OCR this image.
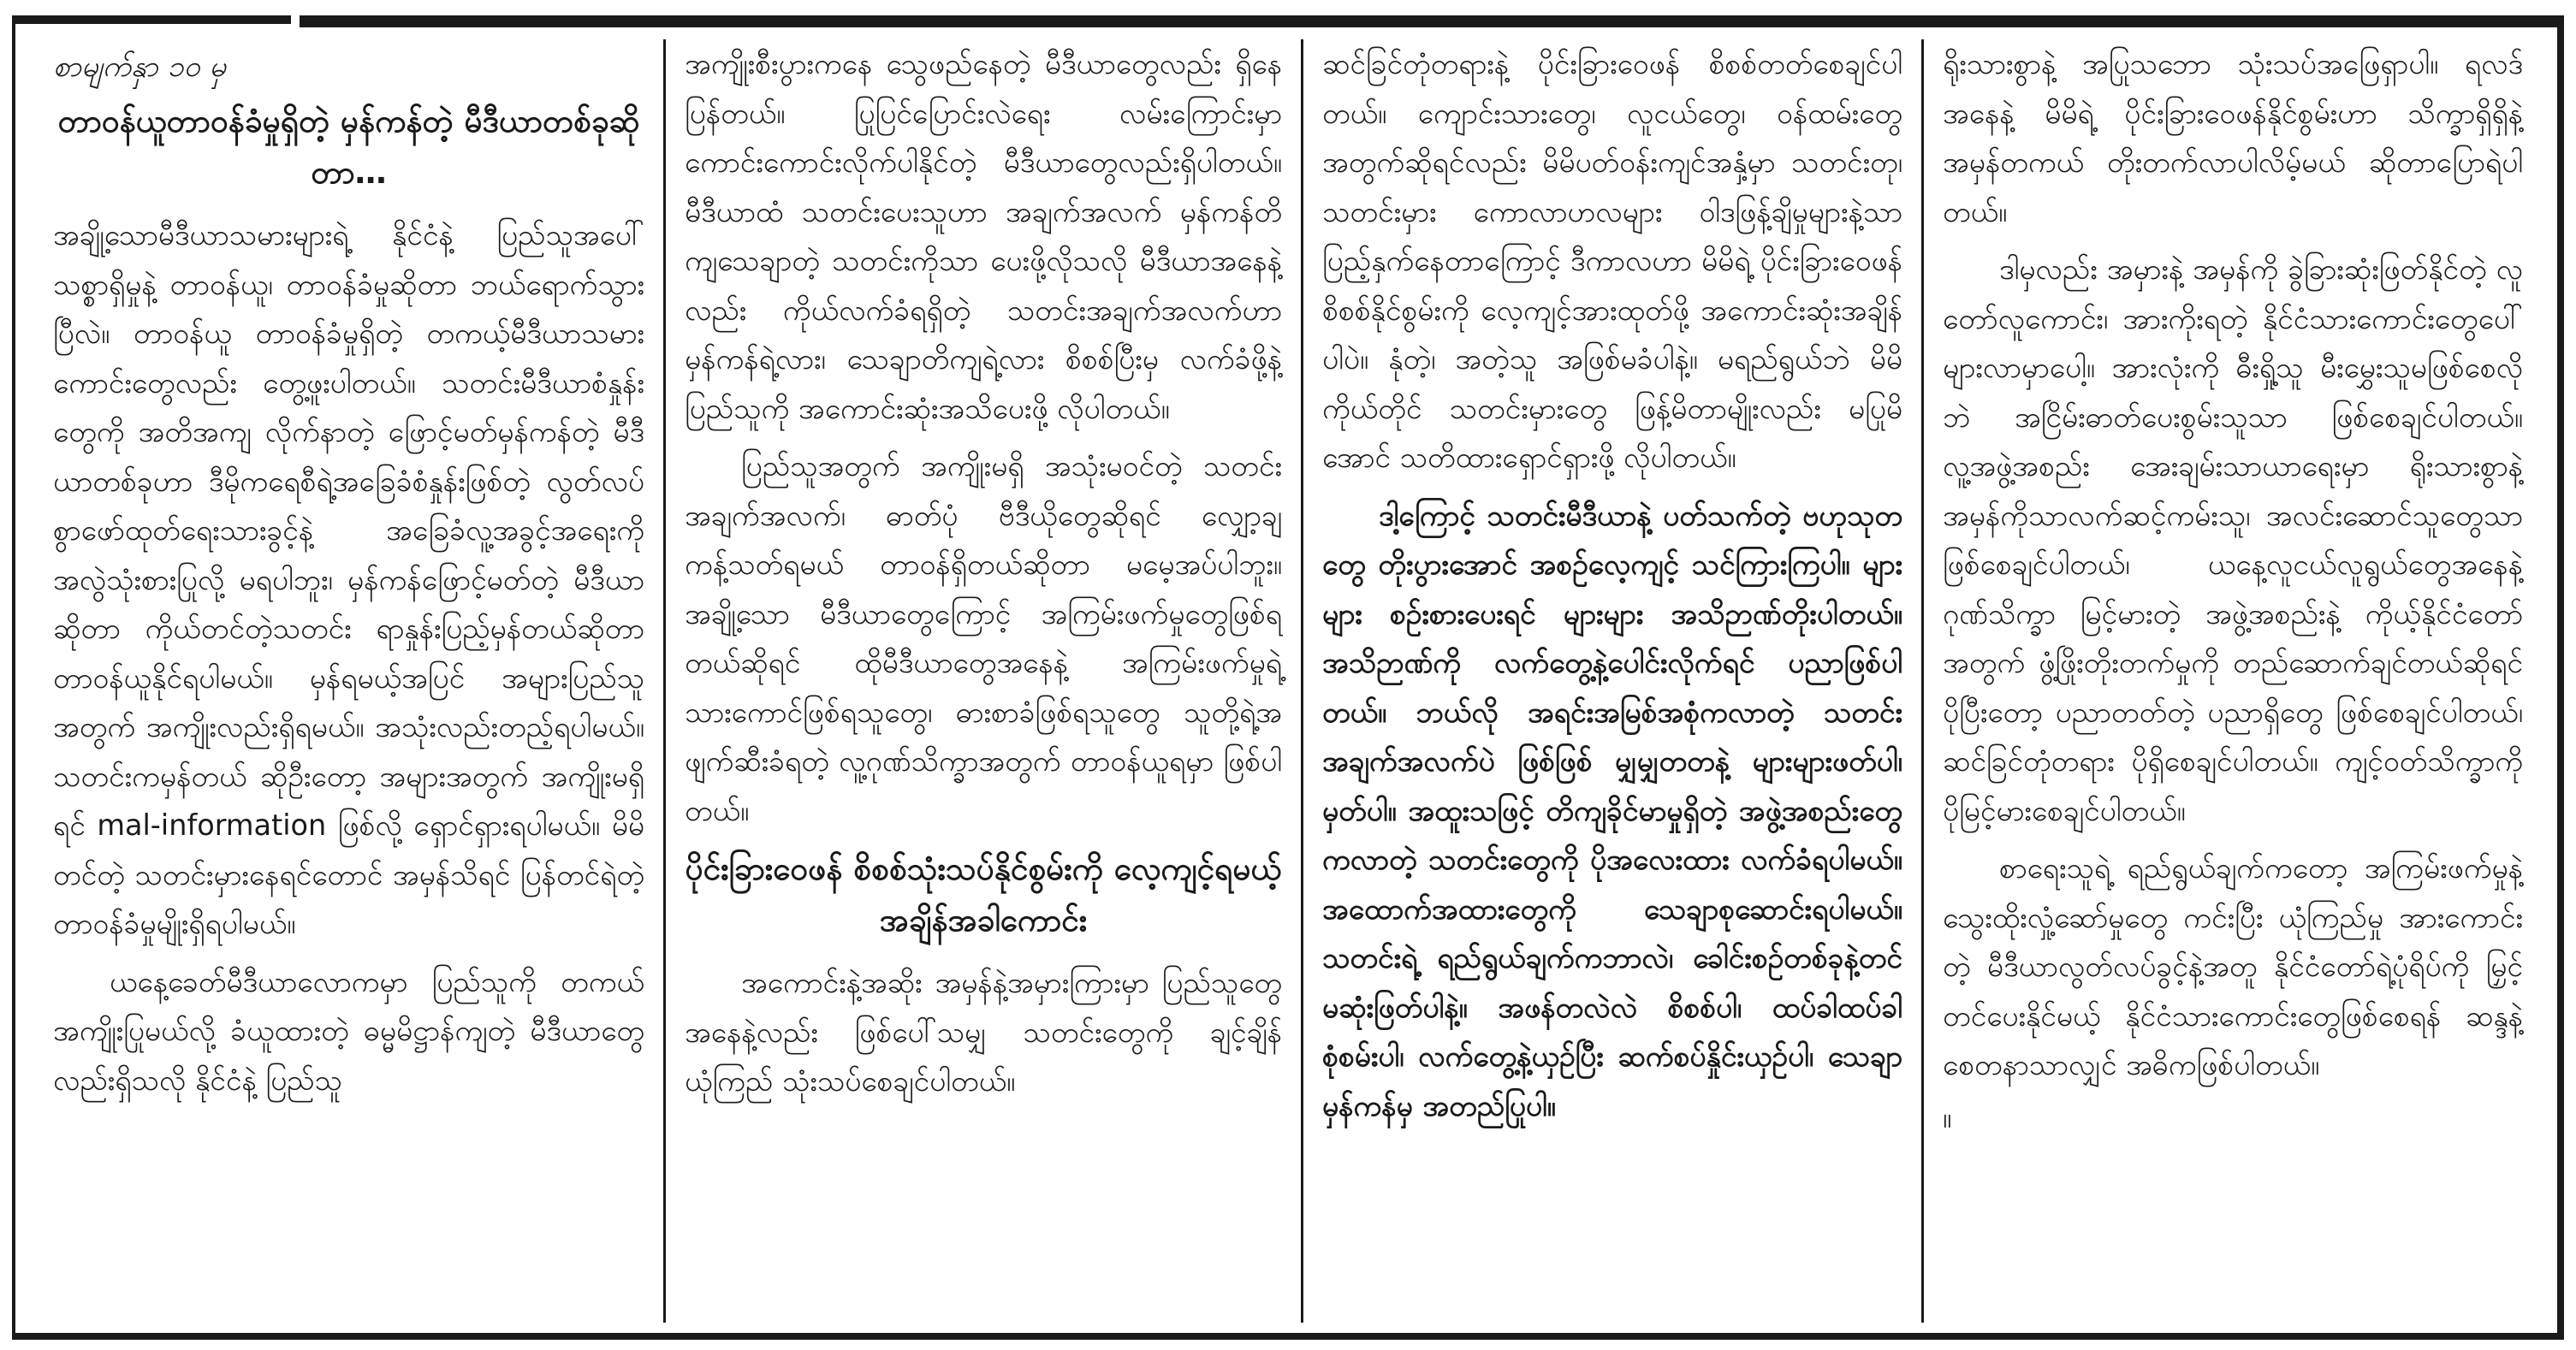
စာမျက်နှာ ၁၀ မှ
တာဝန်ယူတာဝန်ခံမှုရှိတဲ့ မှန်ကန်တဲ့ မီဒီယာတစ်ခုဆိုတာ…

အချို့သောမီဒီယာသမားများရဲ့ နိုင်ငံနဲ့ ပြည်သူအပေါ် သစ္စာရှိမှုနဲ့ တာဝန်ယူ၊ တာဝန်ခံမှုဆိုတာ ဘယ်ရောက်သွားပြီလဲ။ တာဝန်ယူ တာဝန်ခံမှုရှိတဲ့ တကယ့်မီဒီယာသမားကောင်းတွေလည်း တွေ့ဖူးပါတယ်။ သတင်းမီဒီယာစံနှုန်းတွေကို အတိအကျ လိုက်နာတဲ့ ဖြောင့်မတ်မှန်ကန်တဲ့ မီဒီယာတစ်ခုဟာ ဒီမိုကရေစီရဲ့အခြေခံစံနှုန်းဖြစ်တဲ့ လွတ်လပ်စွာဖော်ထုတ်ရေးသားခွင့်နဲ့ အခြေခံလူ့အခွင့်အရေးကို အလွဲသုံးစားပြုလို့ မရပါဘူး၊ မှန်ကန်ဖြောင့်မတ်တဲ့ မီဒီယာဆိုတာ ကိုယ်တင်တဲ့သတင်း ရာနှုန်းပြည့်မှန်တယ်ဆိုတာ တာဝန်ယူနိုင်ရပါမယ်။ မှန်ရမယ့်အပြင် အများပြည်သူအတွက် အကျိုးလည်းရှိရမယ်။ အသုံးလည်းတည့်ရပါမယ်။ သတင်းကမှန်တယ် ဆိုဦးတော့ အများအတွက် အကျိုးမရှိရင် mal-information ဖြစ်လို့ ရှောင်ရှားရပါမယ်။ မိမိတင်တဲ့ သတင်းမှားနေရင်တောင် အမှန်သိရင် ပြန်တင်ရဲတဲ့ တာဝန်ခံမှုမျိုးရှိရပါမယ်။

ယနေ့ခေတ်မီဒီယာလောကမှာ ပြည်သူကို တကယ်အကျိုးပြုမယ်လို့ ခံယူထားတဲ့ ဓမ္မမိဋ္ဌာန်ကျတဲ့ မီဒီယာတွေလည်းရှိသလို နိုင်ငံနဲ့ ပြည်သူ

အကျိုးစီးပွားကနေ သွေဖည်နေတဲ့ မီဒီယာတွေလည်း ရှိနေပြန်တယ်။ ပြုပြင်ပြောင်းလဲရေး လမ်းကြောင်းမှာ ကောင်းကောင်းလိုက်ပါနိုင်တဲ့ မီဒီယာတွေလည်းရှိပါတယ်။ မီဒီယာထံ သတင်းပေးသူဟာ အချက်အလက် မှန်ကန်တိကျသေချာတဲ့ သတင်းကိုသာ ပေးဖို့လိုသလို မီဒီယာအနေနဲ့လည်း ကိုယ်လက်ခံရရှိတဲ့ သတင်းအချက်အလက်ဟာ မှန်ကန်ရဲ့လား၊ သေချာတိကျရဲ့လား စိစစ်ပြီးမှ လက်ခံဖို့နဲ့ ပြည်သူကို အကောင်းဆုံးအသိပေးဖို့ လိုပါတယ်။

ပြည်သူအတွက် အကျိုးမရှိ အသုံးမဝင်တဲ့ သတင်းအချက်အလက်၊ ဓာတ်ပုံ ဗီဒီယိုတွေဆိုရင် လျှော့ချကန့်သတ်ရမယ် တာဝန်ရှိတယ်ဆိုတာ မမေ့အပ်ပါဘူး။ အချို့သော မီဒီယာတွေကြောင့် အကြမ်းဖက်မှုတွေဖြစ်ရတယ်ဆိုရင် ထိုမီဒီယာတွေအနေနဲ့ အကြမ်းဖက်မှုရဲ့ သားကောင်ဖြစ်ရသူတွေ၊ ဓားစာခံဖြစ်ရသူတွေ သူတို့ရဲ့အဖျက်ဆီးခံရတဲ့ လူ့ဂုဏ်သိက္ခာအတွက် တာဝန်ယူရမှာ ဖြစ်ပါတယ်။

ပိုင်းခြားဝေဖန် စိစစ်သုံးသပ်နိုင်စွမ်းကို လေ့ကျင့်ရမယ့် အချိန်အခါကောင်း

အကောင်းနဲ့အဆိုး အမှန်နဲ့အမှားကြားမှာ ပြည်သူတွေအနေနဲ့လည်း ဖြစ်ပေါ်သမျှ သတင်းတွေကို ချင့်ချိန်ယုံကြည် သုံးသပ်စေချင်ပါတယ်။

ဆင်ခြင်တုံတရားနဲ့ ပိုင်းခြားဝေဖန် စိစစ်တတ်စေချင်ပါတယ်။ ကျောင်းသားတွေ၊ လူငယ်တွေ၊ ဝန်ထမ်းတွေ အတွက်ဆိုရင်လည်း မိမိပတ်ဝန်းကျင်အနှံ့မှာ သတင်းတု၊ သတင်းမှား ကောလာဟလများ ဝါဒဖြန့်ချိမှုများနဲ့သာ ပြည့်နှက်နေတာကြောင့် ဒီကာလဟာ မိမိရဲ့ ပိုင်းခြားဝေဖန်စိစစ်နိုင်စွမ်းကို လေ့ကျင့်အားထုတ်ဖို့ အကောင်းဆုံးအချိန်ပါပဲ။ နုံတဲ့၊ အတဲ့သူ အဖြစ်မခံပါနဲ့။ မရည်ရွယ်ဘဲ မိမိကိုယ်တိုင် သတင်းမှားတွေ ဖြန့်မိတာမျိုးလည်း မပြုမိအောင် သတိထားရှောင်ရှားဖို့ လိုပါတယ်။

ဒါ့ကြောင့် သတင်းမီဒီယာနဲ့ ပတ်သက်တဲ့ ဗဟုသုတတွေ တိုးပွားအောင် အစဉ်လေ့ကျင့် သင်ကြားကြပါ။ များများ စဉ်းစားပေးရင် များများ အသိဉာဏ်တိုးပါတယ်။ အသိဉာဏ်ကို လက်တွေ့နဲ့ပေါင်းလိုက်ရင် ပညာဖြစ်ပါတယ်။ ဘယ်လို အရင်းအမြစ်အစုံကလာတဲ့ သတင်းအချက်အလက်ပဲ ဖြစ်ဖြစ် မျှမျှတတနဲ့ များများဖတ်ပါ၊ မှတ်ပါ။ အထူးသဖြင့် တိကျခိုင်မာမှုရှိတဲ့ အဖွဲ့အစည်းတွေကလာတဲ့ သတင်းတွေကို ပိုအလေးထား လက်ခံရပါမယ်။ အထောက်အထားတွေကို သေချာစုဆောင်းရပါမယ်။ သတင်းရဲ့ ရည်ရွယ်ချက်ကဘာလဲ၊ ခေါင်းစဉ်တစ်ခုနဲ့တင် မဆုံးဖြတ်ပါနဲ့။ အဖန်တလဲလဲ စိစစ်ပါ၊ ထပ်ခါထပ်ခါ စုံစမ်းပါ၊ လက်တွေ့နဲ့ယှဉ်ပြီး ဆက်စပ်နှိုင်းယှဉ်ပါ၊ သေချာမှန်ကန်မှ အတည်ပြုပါ။

ရိုးသားစွာနဲ့ အပြုသဘော သုံးသပ်အဖြေရှာပါ။ ရလဒ်အနေနဲ့ မိမိရဲ့ ပိုင်းခြားဝေဖန်နိုင်စွမ်းဟာ သိက္ခာရှိရှိနဲ့ အမှန်တကယ် တိုးတက်လာပါလိမ့်မယ် ဆိုတာပြောရဲပါတယ်။

ဒါမှလည်း အမှားနဲ့ အမှန်ကို ခွဲခြားဆုံးဖြတ်နိုင်တဲ့ လူတော်လူကောင်း၊ အားကိုးရတဲ့ နိုင်ငံသားကောင်းတွေပေါ်များလာမှာပေါ့။ အားလုံးကို ဓီးရှို့သူ မီးမွှေးသူမဖြစ်စေလိုဘဲ အငြိမ်းဓာတ်ပေးစွမ်းသူသာ ဖြစ်စေချင်ပါတယ်။ လူ့အဖွဲ့အစည်း အေးချမ်းသာယာရေးမှာ ရိုးသားစွာနဲ့ အမှန်ကိုသာလက်ဆင့်ကမ်းသူ၊ အလင်းဆောင်သူတွေသာ ဖြစ်စေချင်ပါတယ်၊ ယနေ့လူငယ်လူရွယ်တွေအနေနဲ့ ဂုဏ်သိက္ခာ မြင့်မားတဲ့ အဖွဲ့အစည်းနဲ့ ကိုယ့်နိုင်ငံတော်အတွက် ဖွံ့ဖြိုးတိုးတက်မှုကို တည်ဆောက်ချင်တယ်ဆိုရင် ပိုပြီးတော့ ပညာတတ်တဲ့ ပညာရှိတွေ ဖြစ်စေချင်ပါတယ်၊ ဆင်ခြင်တုံတရား ပိုရှိစေချင်ပါတယ်။ ကျင့်ဝတ်သိက္ခာကို ပိုမြင့်မားစေချင်ပါတယ်။

စာရေးသူရဲ့ ရည်ရွယ်ချက်ကတော့ အကြမ်းဖက်မှုနဲ့ သွေးထိုးလှုံ့ဆော်မှုတွေ ကင်းပြီး ယုံကြည်မှု အားကောင်းတဲ့ မီဒီယာလွတ်လပ်ခွင့်နဲ့အတူ နိုင်ငံတော်ရဲ့ပုံရိပ်ကို မြှင့်တင်ပေးနိုင်မယ့် နိုင်ငံသားကောင်းတွေဖြစ်စေရန် ဆန္ဒနဲ့ စေတနာသာလျှင် အဓိကဖြစ်ပါတယ်။

။
